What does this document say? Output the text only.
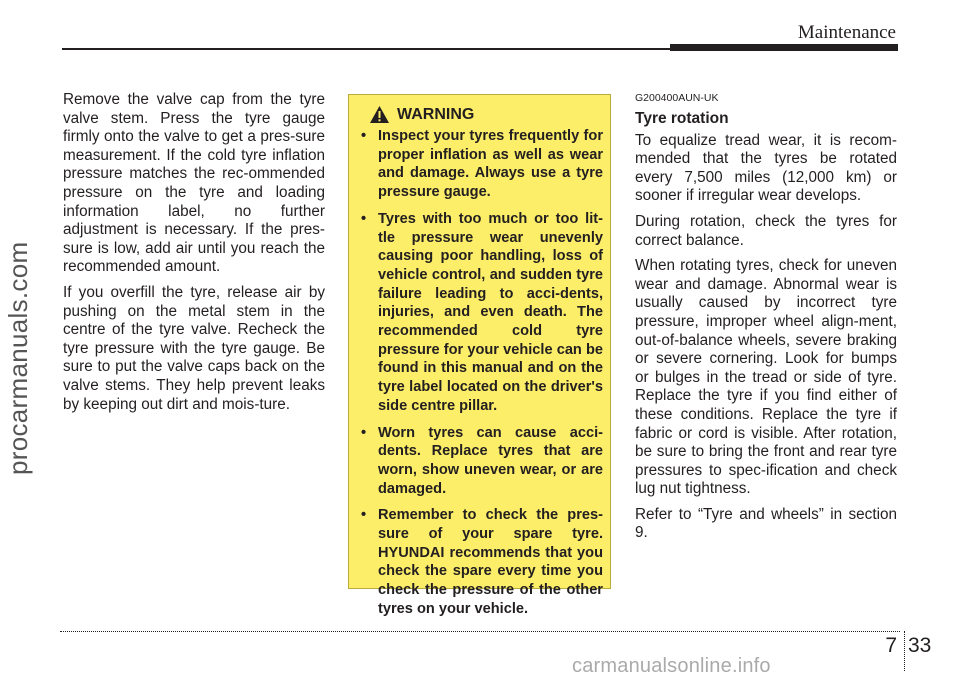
Maintenance
procarmanuals.com

Remove the valve cap from the tyre valve stem. Press the tyre gauge firmly onto the valve to get a pres-sure measurement. If the cold tyre inflation pressure matches the rec-ommended pressure on the tyre and loading information label, no further adjustment is necessary. If the pres-sure is low, add air until you reach the recommended amount.

If you overfill the tyre, release air by pushing on the metal stem in the centre of the tyre valve. Recheck the tyre pressure with the tyre gauge. Be sure to put the valve caps back on the valve stems. They help prevent leaks by keeping out dirt and mois-ture.

WARNING
• Inspect your tyres frequently for proper inflation as well as wear and damage. Always use a tyre pressure gauge.
• Tyres with too much or too lit-tle pressure wear unevenly causing poor handling, loss of vehicle control, and sudden tyre failure leading to acci-dents, injuries, and even death. The recommended cold tyre pressure for your vehicle can be found in this manual and on the tyre label located on the driver's side centre pillar.
• Worn tyres can cause acci-dents. Replace tyres that are worn, show uneven wear, or are damaged.
• Remember to check the pres-sure of your spare tyre. HYUNDAI recommends that you check the spare every time you check the pressure of the other tyres on your vehicle.
G200400AUN-UK
Tyre rotation

To equalize tread wear, it is recom-mended that the tyres be rotated every 7,500 miles (12,000 km) or sooner if irregular wear develops.

During rotation, check the tyres for correct balance.

When rotating tyres, check for uneven wear and damage. Abnormal wear is usually caused by incorrect tyre pressure, improper wheel align-ment, out-of-balance wheels, severe braking or severe cornering. Look for bumps or bulges in the tread or side of tyre. Replace the tyre if you find either of these conditions. Replace the tyre if fabric or cord is visible. After rotation, be sure to bring the front and rear tyre pressures to spec-ification and check lug nut tightness.

Refer to “Tyre and wheels” in section 9.

7 33
carmanualsonline.info
